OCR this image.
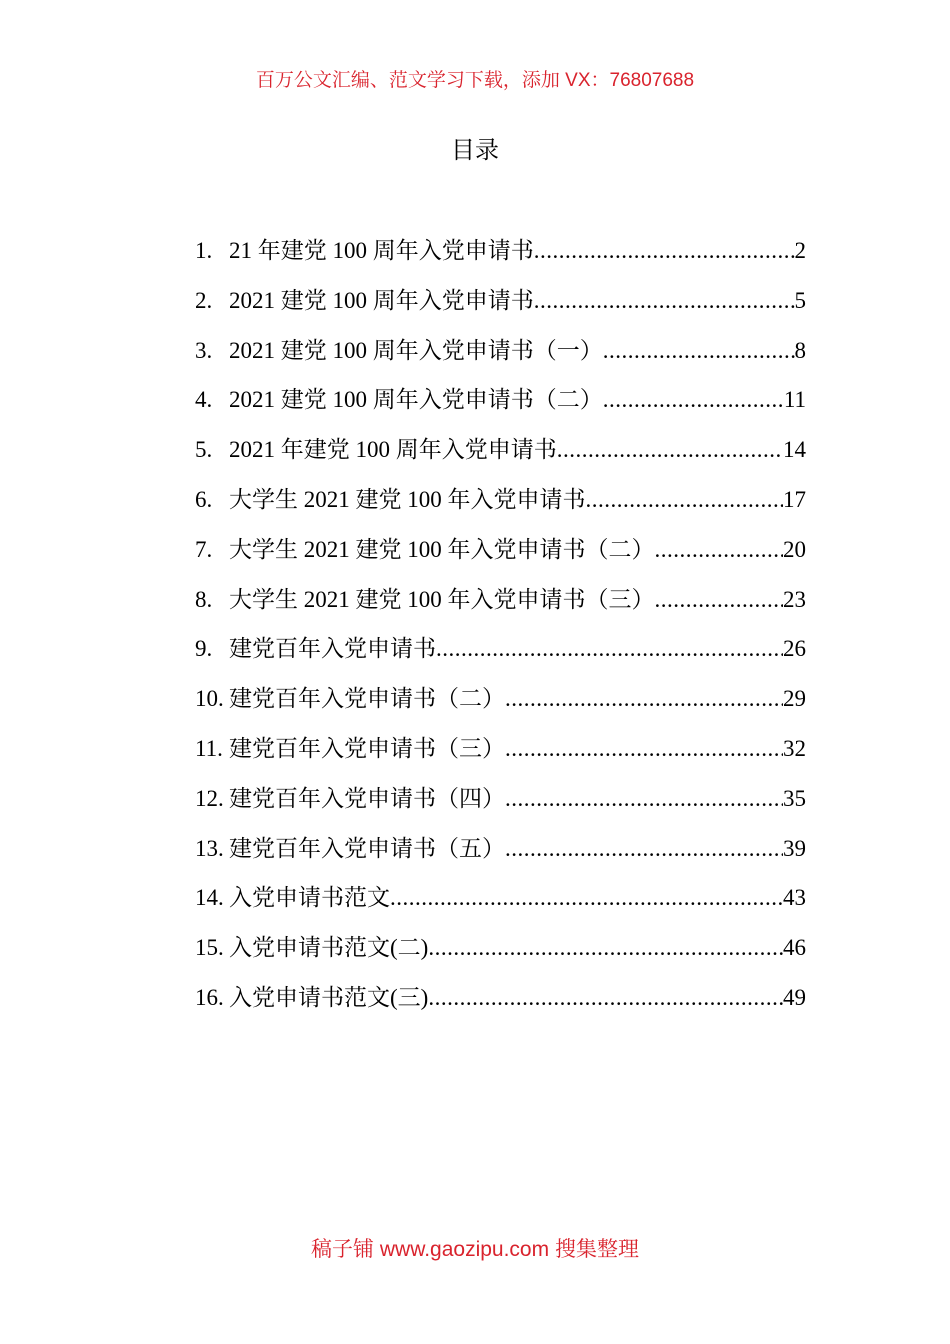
百万公文汇编、范文学习下载，添加 VX：76807688
目录
1. 21 年建党 100 周年入党申请书 .....	2
2. 2021 建党 100 周年入党申请书 .....	5
3. 2021 建党 100 周年入党申请书（一） .....	8
4. 2021 建党 100 周年入党申请书（二） .....	11
5. 2021 年建党 100 周年入党申请书 .....	14
6. 大学生 2021 建党 100 年入党申请书 .....	17
7. 大学生 2021 建党 100 年入党申请书（二） .....	20
8. 大学生 2021 建党 100 年入党申请书（三） .....	23
9. 建党百年入党申请书 .....	26
10. 建党百年入党申请书（二） .....	29
11. 建党百年入党申请书（三） .....	32
12. 建党百年入党申请书（四） .....	35
13. 建党百年入党申请书（五） .....	39
14. 入党申请书范文 .....	43
15. 入党申请书范文(二) .....	46
16. 入党申请书范文(三) .....	49
稿子铺 www.gaozipu.com 搜集整理
